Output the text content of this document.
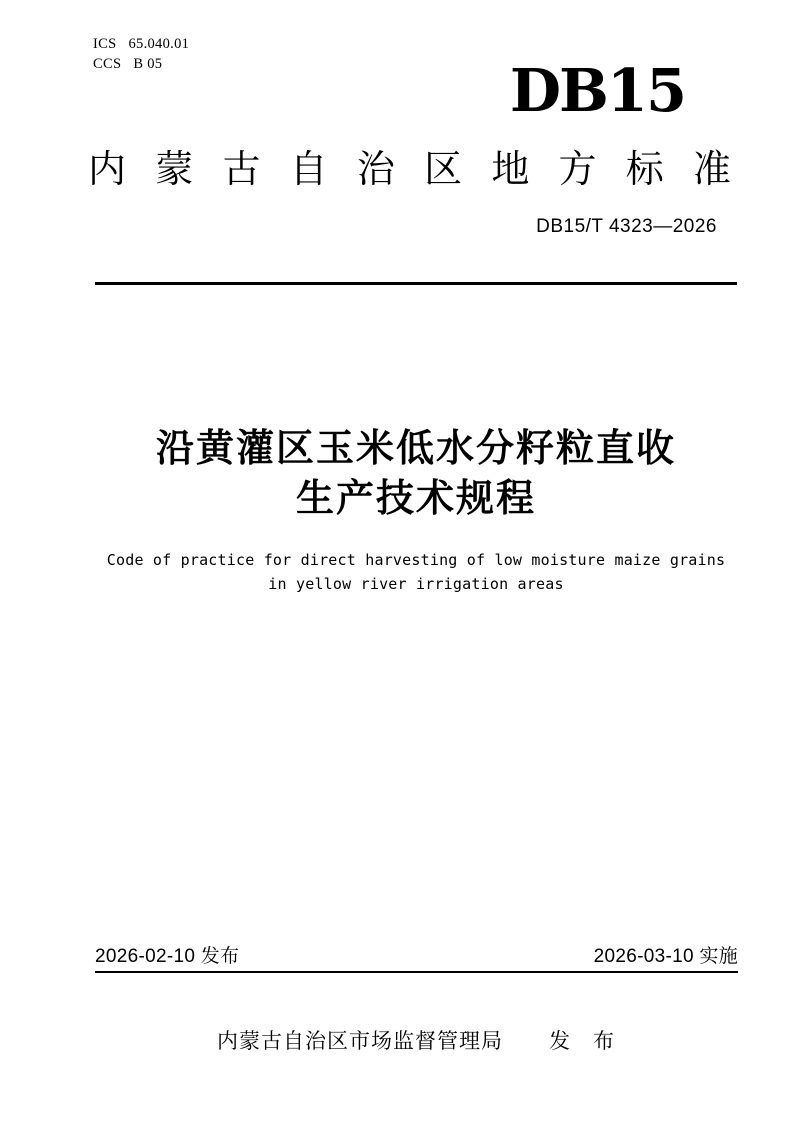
ICS 65.040.01
CCS B 05	DB15
内 蒙 古 自 治 区 地 方 标 准
DB15/T 4323—2026
沿黄灌区玉米低水分籽粒直收
生产技术规程
Code of practice for direct harvesting of low moisture maize grains
in yellow river irrigation areas
2026-02-10 发布	2026-03-10 实施
内蒙古自治区市场监督管理局 发　布
